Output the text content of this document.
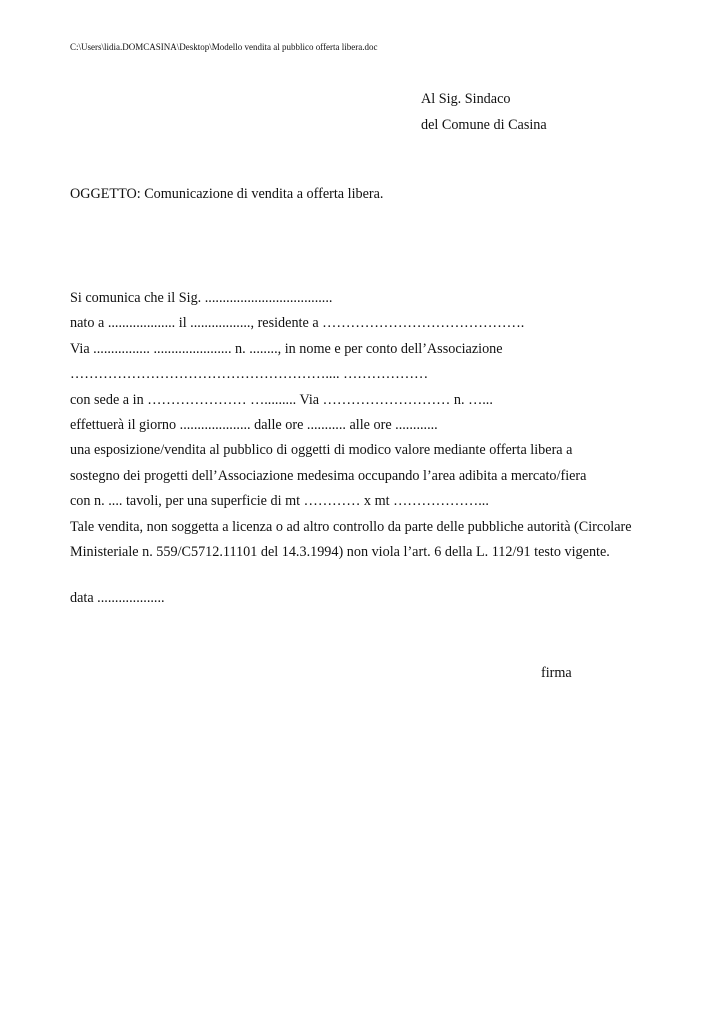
C:\Users\lidia.DOMCASINA\Desktop\Modello vendita al pubblico offerta libera.doc
Al Sig. Sindaco
del Comune di Casina
OGGETTO: Comunicazione di vendita a offerta libera.
Si comunica che il Sig. ....................................
nato a ................... il ................., residente a …………………………………….
Via ................ ...................... n. ........, in nome e per conto dell’Associazione
……………………………………………….... ………………
con sede a in ………………… …......... Via ……………………… n. …...
effettuerà il giorno .................... dalle ore ........... alle ore ............
una esposizione/vendita al pubblico di oggetti di modico valore mediante offerta libera a
sostegno dei progetti dell’Associazione medesima occupando l’area adibita a mercato/fiera
con n. .... tavoli, per una superficie di mt ………… x mt ………………...
Tale vendita, non soggetta a licenza o ad altro controllo da parte delle pubbliche autorità (Circolare
Ministeriale n. 559/C5712.11101 del 14.3.1994) non viola l’art. 6 della L. 112/91 testo vigente.
data ...................
firma
